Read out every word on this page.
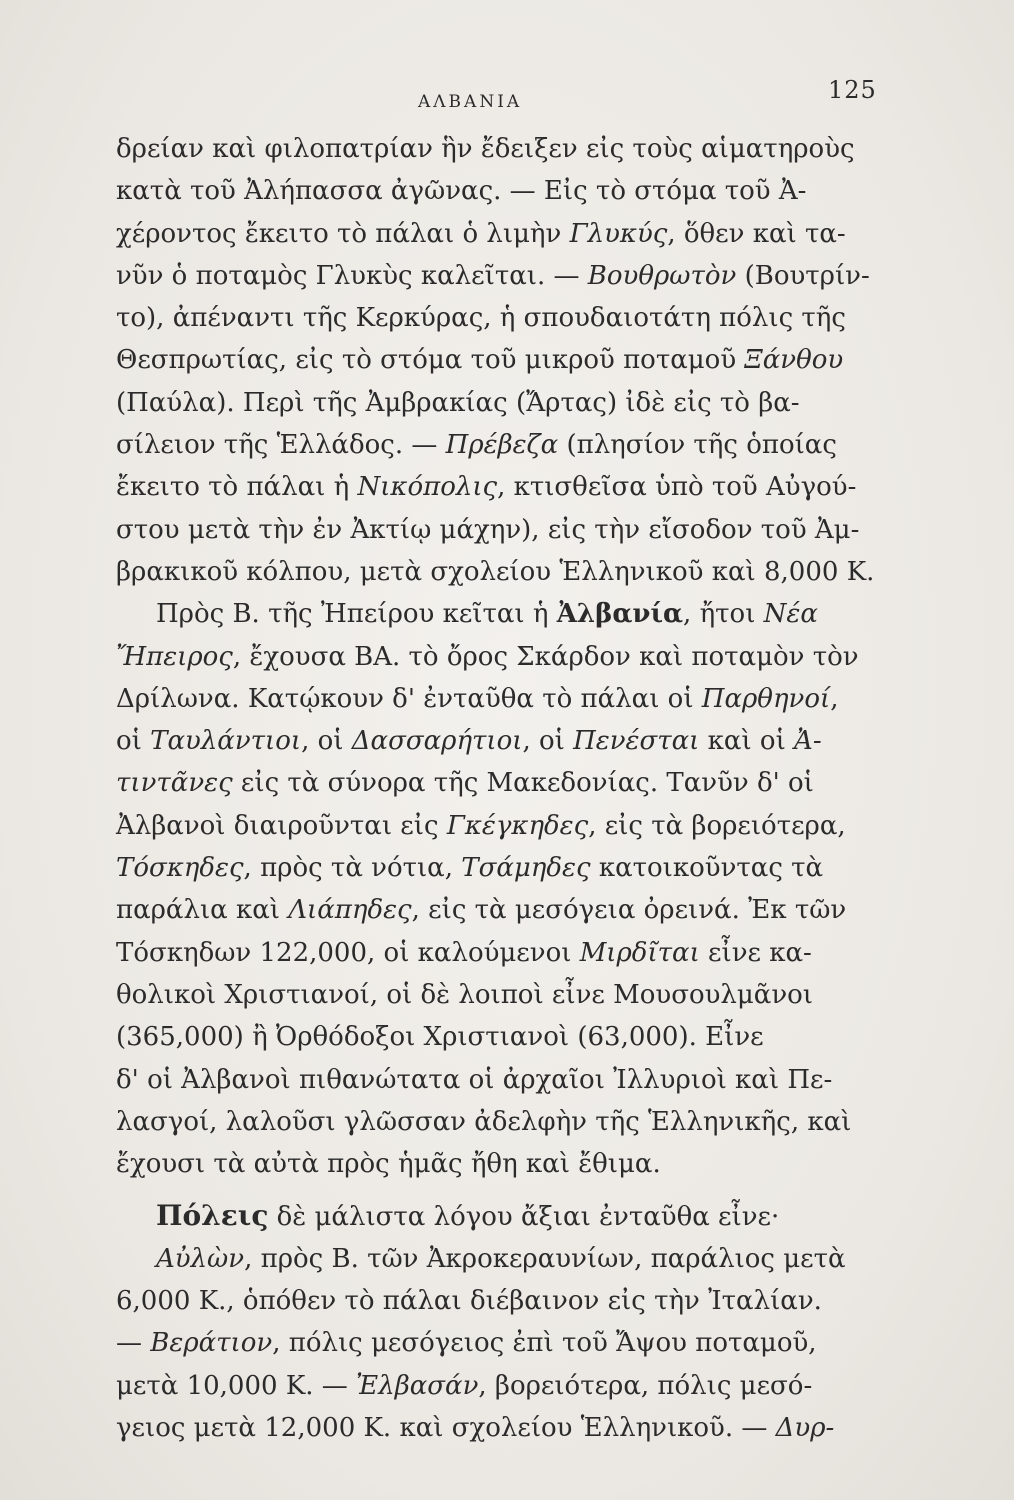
ΑΛΒΑΝΙΑ	125
δρείαν καὶ φιλοπατρίαν ἣν ἔδειξεν εἰς τοὺς αἱματηροὺς
κατὰ τοῦ Ἀλήπασσα ἀγῶνας. — Εἰς τὸ στόμα τοῦ Ἀ-
χέροντος ἔκειτο τὸ πάλαι ὁ λιμὴν Γλυκύς, ὅθεν καὶ τα-
νῦν ὁ ποταμὸς Γλυκὺς καλεῖται. — Βουθρωτὸν (Βουτρίν-
το), ἀπέναντι τῆς Κερκύρας, ἡ σπουδαιοτάτη πόλις τῆς
Θεσπρωτίας, εἰς τὸ στόμα τοῦ μικροῦ ποταμοῦ Ξάνθου
(Παύλα). Περὶ τῆς Ἀμβρακίας (Ἄρτας) ἰδὲ εἰς τὸ βα-
σίλειον τῆς Ἑλλάδος. — Πρέβεζα (πλησίον τῆς ὁποίας
ἔκειτο τὸ πάλαι ἡ Νικόπολις, κτισθεῖσα ὑπὸ τοῦ Αὐγού-
στου μετὰ τὴν ἐν Ἀκτίῳ μάχην), εἰς τὴν εἴσοδον τοῦ Ἀμ-
βρακικοῦ κόλπου, μετὰ σχολείου Ἑλληνικοῦ καὶ 8,000 Κ.
Πρὸς Β. τῆς Ἠπείρου κεῖται ἡ Ἀλβανία, ἤτοι Νέα
Ἤπειρος, ἔχουσα ΒΑ. τὸ ὄρος Σκάρδον καὶ ποταμὸν τὸν
Δρίλωνα. Κατῴκουν δ' ἐνταῦθα τὸ πάλαι οἱ Παρθηνοί,
οἱ Ταυλάντιοι, οἱ Δασσαρήτιοι, οἱ Πενέσται καὶ οἱ Ἀ-
τιντᾶνες εἰς τὰ σύνορα τῆς Μακεδονίας. Τανῦν δ' οἱ
Ἀλβανοὶ διαιροῦνται εἰς Γκέγκηδες, εἰς τὰ βορειότερα,
Τόσκηδες, πρὸς τὰ νότια, Τσάμηδες κατοικοῦντας τὰ
παράλια καὶ Λιάπηδες, εἰς τὰ μεσόγεια ὀρεινά. Ἐκ τῶν
Τόσκηδων 122,000, οἱ καλούμενοι Μιρδῖται εἶνε κα-
θολικοὶ Χριστιανοί, οἱ δὲ λοιποὶ εἶνε Μουσουλμᾶνοι
(365,000) ἢ Ὀρθόδοξοι Χριστιανοὶ (63,000). Εἶνε
δ' οἱ Ἀλβανοὶ πιθανώτατα οἱ ἀρχαῖοι Ἰλλυριοὶ καὶ Πε-
λασγοί, λαλοῦσι γλῶσσαν ἀδελφὴν τῆς Ἑλληνικῆς, καὶ
ἔχουσι τὰ αὐτὰ πρὸς ἡμᾶς ἤθη καὶ ἔθιμα.
Πόλεις δὲ μάλιστα λόγου ἄξιαι ἐνταῦθα εἶνε·
Αὐλὼν, πρὸς Β. τῶν Ἀκροκεραυνίων, παράλιος μετὰ
6,000 Κ., ὁπόθεν τὸ πάλαι διέβαινον εἰς τὴν Ἰταλίαν.
— Βεράτιον, πόλις μεσόγειος ἐπὶ τοῦ Ἄψου ποταμοῦ,
μετὰ 10,000 Κ. — Ἐλβασάν, βορειότερα, πόλις μεσό-
γειος μετὰ 12,000 Κ. καὶ σχολείου Ἑλληνικοῦ. — Δυρ-
